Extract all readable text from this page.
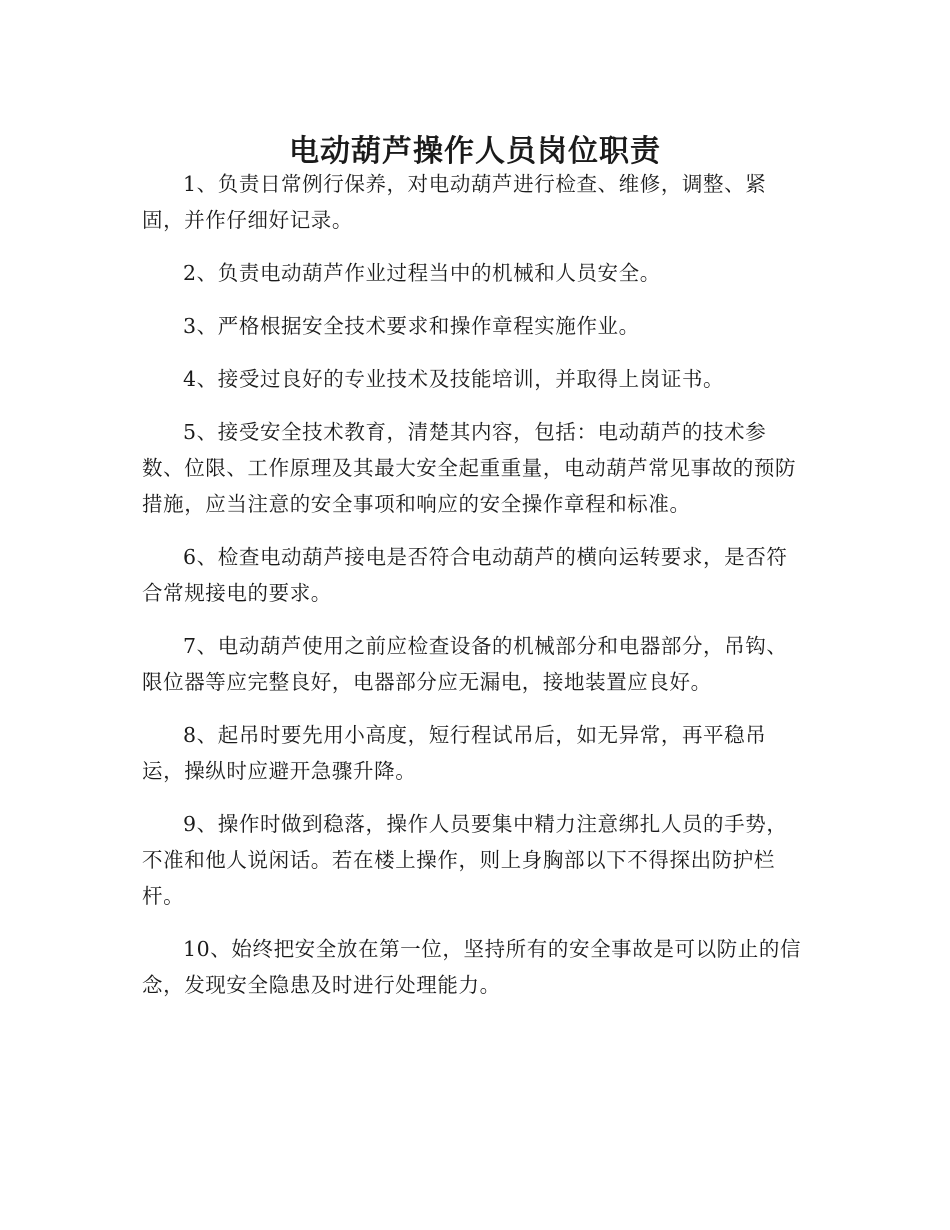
电动葫芦操作人员岗位职责

1、负责日常例行保养，对电动葫芦进行检查、维修，调整、紧固，并作仔细好记录。

2、负责电动葫芦作业过程当中的机械和人员安全。

3、严格根据安全技术要求和操作章程实施作业。

4、接受过良好的专业技术及技能培训，并取得上岗证书。

5、接受安全技术教育，清楚其内容，包括：电动葫芦的技术参数、位限、工作原理及其最大安全起重重量，电动葫芦常见事故的预防措施，应当注意的安全事项和响应的安全操作章程和标准。

6、检查电动葫芦接电是否符合电动葫芦的横向运转要求，是否符合常规接电的要求。

7、电动葫芦使用之前应检查设备的机械部分和电器部分，吊钩、限位器等应完整良好，电器部分应无漏电，接地装置应良好。

8、起吊时要先用小高度，短行程试吊后，如无异常，再平稳吊运，操纵时应避开急骤升降。

9、操作时做到稳落，操作人员要集中精力注意绑扎人员的手势，不准和他人说闲话。若在楼上操作，则上身胸部以下不得探出防护栏杆。

10、始终把安全放在第一位，坚持所有的安全事故是可以防止的信念，发现安全隐患及时进行处理能力。
